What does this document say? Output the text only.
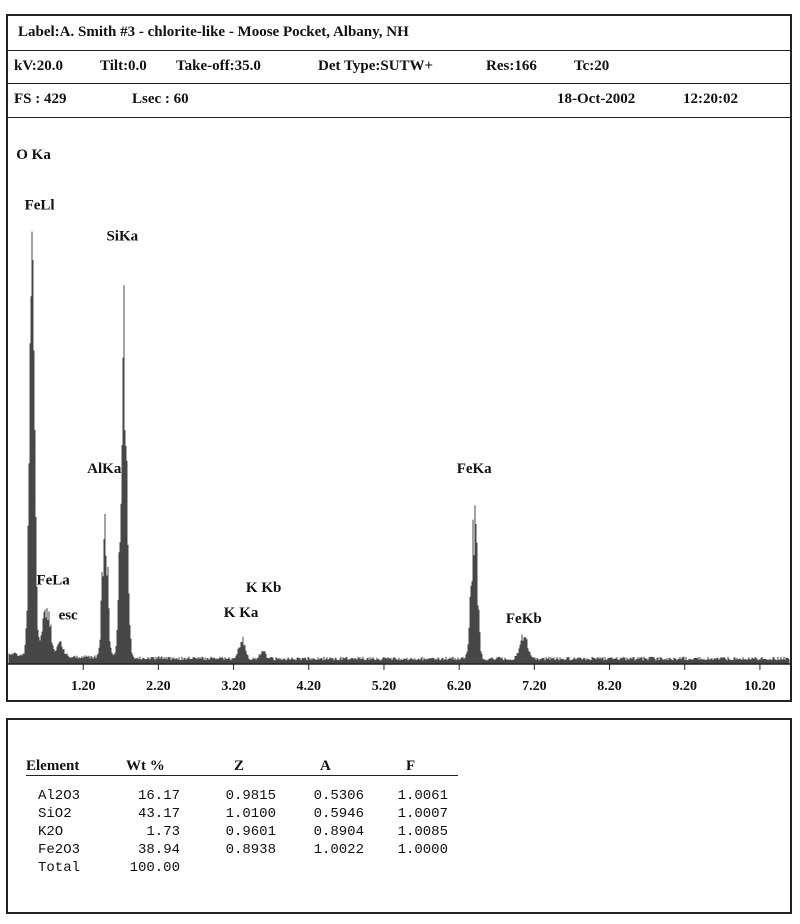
Label:A. Smith #3 - chlorite-like - Moose Pocket, Albany, NH
kV:20.0 Tilt:0.0 Take-off:35.0	Det Type:SUTW+	Res:166 Tc:20
FS : 429	Lsec : 60	18-Oct-2002	12:20:02
1.20	2.20	3.20	4.20	5.20	6.20	7.20	8.20	9.20	10.20
O Ka
FeLl
SiKa
AlKa	FeKa
FeLa
esc
K Kb
K Ka	FeKb
Element	Wt %	Z	A	F
Al2O3	16.17	0.9815	0.5306 1.0061
SiO2	43.17	1.0100	0.5946 1.0007
K2O	1.73	0.9601	0.8904 1.0085
Fe2O3	38.94	0.8938	1.0022 1.0000
Total	100.00
